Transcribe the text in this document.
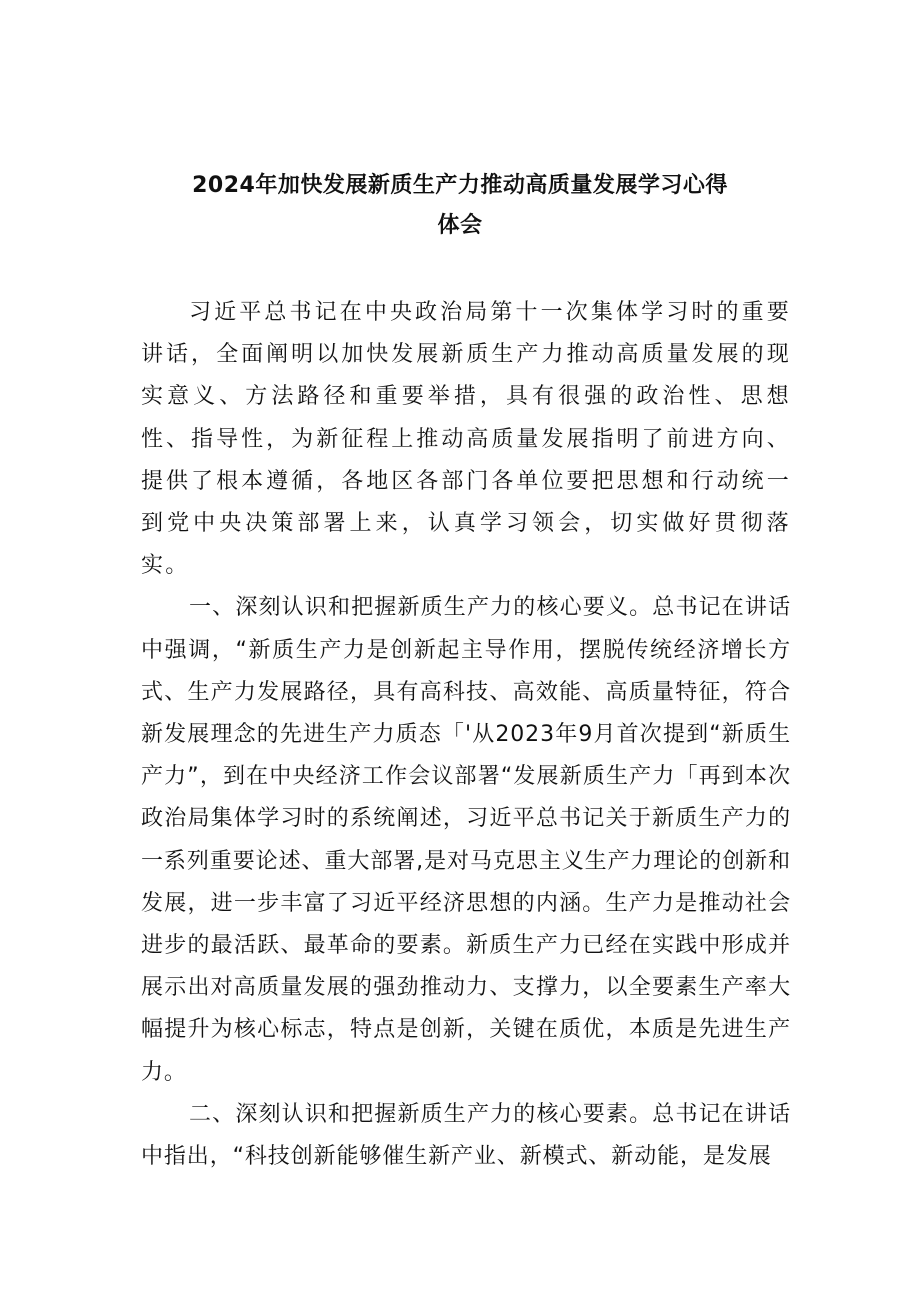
2024年加快发展新质生产力推动高质量发展学习心得
体会

习近平总书记在中央政治局第十一次集体学习时的重要讲话，全面阐明以加快发展新质生产力推动高质量发展的现实意义、方法路径和重要举措，具有很强的政治性、思想性、指导性，为新征程上推动高质量发展指明了前进方向、提供了根本遵循，各地区各部门各单位要把思想和行动统一到党中央决策部署上来，认真学习领会，切实做好贯彻落实。

一、深刻认识和把握新质生产力的核心要义。总书记在讲话中强调，“新质生产力是创新起主导作用，摆脱传统经济增长方式、生产力发展路径，具有高科技、高效能、高质量特征，符合新发展理念的先进生产力质态「'从2023年9月首次提到“新质生产力”，到在中央经济工作会议部署“发展新质生产力「再到本次政治局集体学习时的系统阐述，习近平总书记关于新质生产力的一系列重要论述、重大部署,是对马克思主义生产力理论的创新和发展，进一步丰富了习近平经济思想的内涵。生产力是推动社会进步的最活跃、最革命的要素。新质生产力已经在实践中形成并展示出对高质量发展的强劲推动力、支撑力，以全要素生产率大幅提升为核心标志，特点是创新，关键在质优，本质是先进生产力。

二、深刻认识和把握新质生产力的核心要素。总书记在讲话中指出，“科技创新能够催生新产业、新模式、新动能，是发展
